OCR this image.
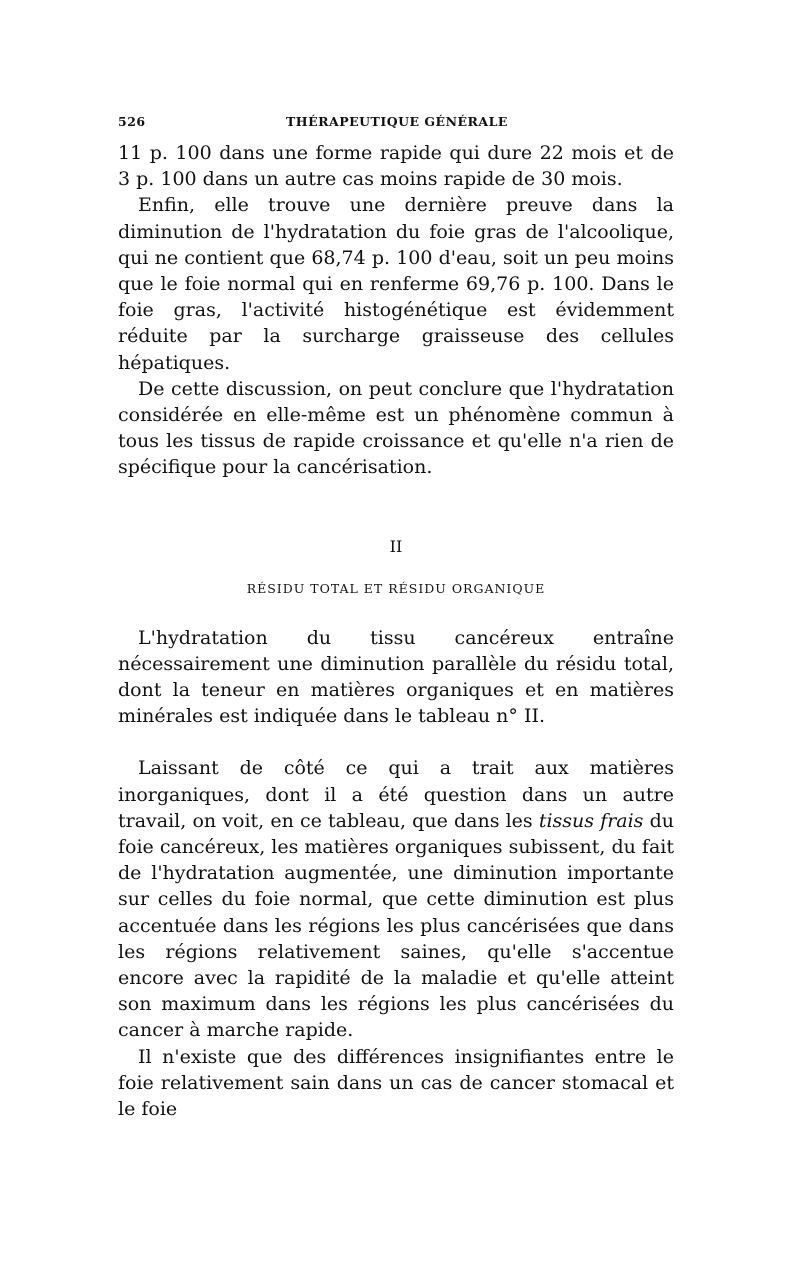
526	THÉRAPEUTIQUE GÉNÉRALE

11 p. 100 dans une forme rapide qui dure 22 mois et de 3 p. 100 dans un autre cas moins rapide de 30 mois.

Enfin, elle trouve une dernière preuve dans la diminution de l'hydratation du foie gras de l'alcoolique, qui ne contient que 68,74 p. 100 d'eau, soit un peu moins que le foie normal qui en renferme 69,76 p. 100. Dans le foie gras, l'activité histogénétique est évidemment réduite par la surcharge graisseuse des cellules hépatiques.

De cette discussion, on peut conclure que l'hydratation considérée en elle-même est un phénomène commun à tous les tissus de rapide croissance et qu'elle n'a rien de spécifique pour la cancérisation.

II
RÉSIDU TOTAL ET RÉSIDU ORGANIQUE

L'hydratation du tissu cancéreux entraîne nécessairement une diminution parallèle du résidu total, dont la teneur en matières organiques et en matières minérales est indiquée dans le tableau n° II.

Laissant de côté ce qui a trait aux matières inorganiques, dont il a été question dans un autre travail, on voit, en ce tableau, que dans les tissus frais du foie cancéreux, les matières organiques subissent, du fait de l'hydratation augmentée, une diminution importante sur celles du foie normal, que cette diminution est plus accentuée dans les régions les plus cancérisées que dans les régions relativement saines, qu'elle s'accentue encore avec la rapidité de la maladie et qu'elle atteint son maximum dans les régions les plus cancérisées du cancer à marche rapide.

Il n'existe que des différences insignifiantes entre le foie relativement sain dans un cas de cancer stomacal et le foie
